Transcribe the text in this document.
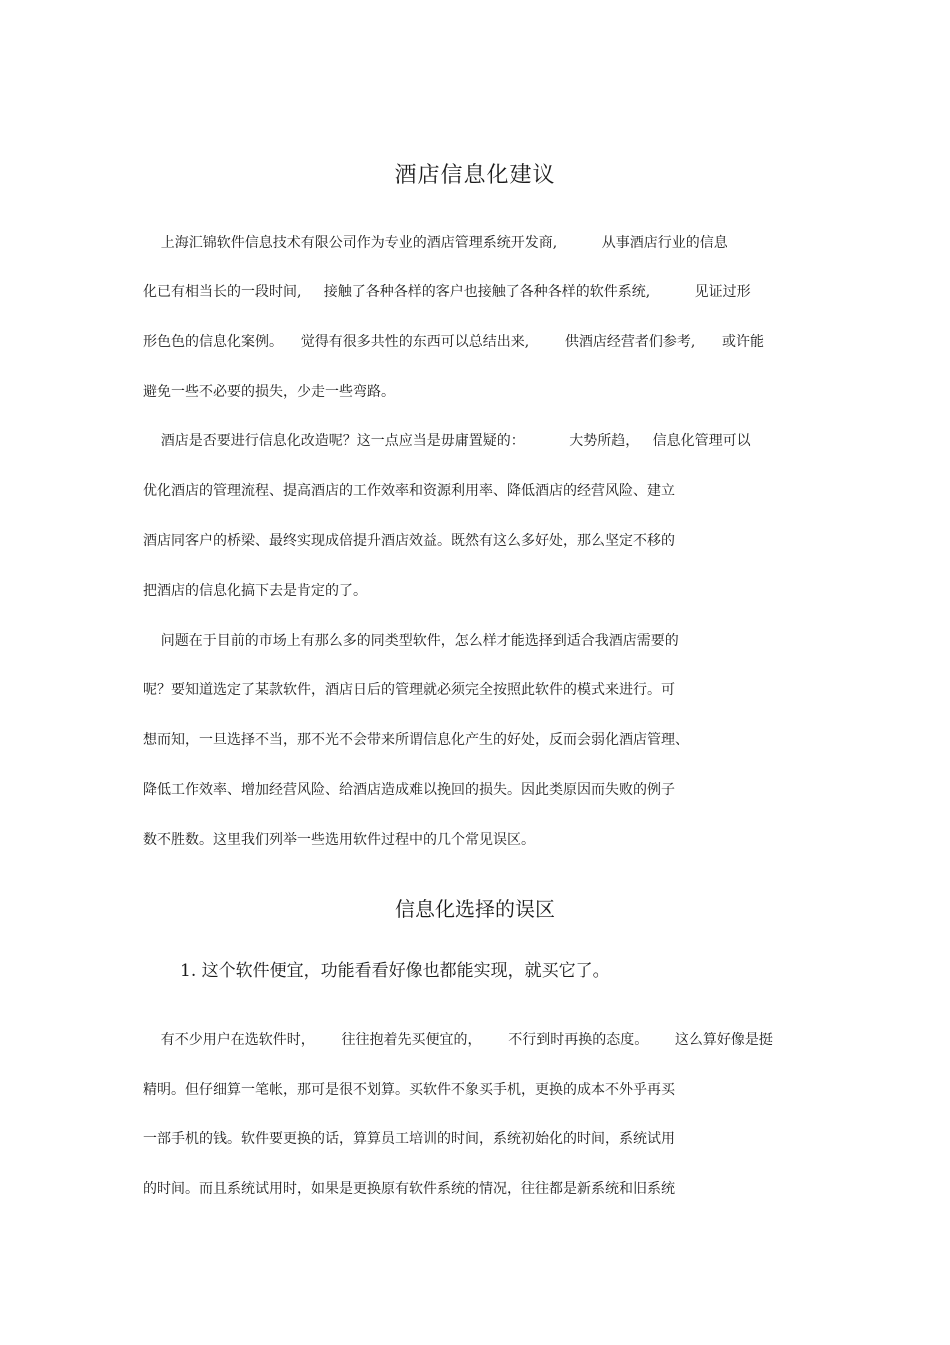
酒店信息化建议
上海汇锦软件信息技术有限公司作为专业的酒店管理系统开发商,          从事酒店行业的信息
化已有相当长的一段时间,     接触了各种各样的客户也接触了各种各样的软件系统,          见证过形
形色色的信息化案例。    觉得有很多共性的东西可以总结出来,        供酒店经营者们参考,      或许能
避免一些不必要的损失，少走一些弯路。
酒店是否要进行信息化改造呢？这一点应当是毋庸置疑的：          大势所趋，   信息化管理可以
优化酒店的管理流程、提高酒店的工作效率和资源利用率、降低酒店的经营风险、建立
酒店同客户的桥梁、最终实现成倍提升酒店效益。既然有这么多好处，那么坚定不移的
把酒店的信息化搞下去是肯定的了。
问题在于目前的市场上有那么多的同类型软件，怎么样才能选择到适合我酒店需要的
呢？要知道选定了某款软件，酒店日后的管理就必须完全按照此软件的模式来进行。可
想而知，一旦选择不当，那不光不会带来所谓信息化产生的好处，反而会弱化酒店管理、
降低工作效率、增加经营风险、给酒店造成难以挽回的损失。因此类原因而失败的例子
数不胜数。这里我们列举一些选用软件过程中的几个常见误区。
信息化选择的误区
1. 这个软件便宜，功能看看好像也都能实现，就买它了。
有不少用户在选软件时，      往往抱着先买便宜的，      不行到时再换的态度。      这么算好像是挺
精明。但仔细算一笔帐，那可是很不划算。买软件不象买手机，更换的成本不外乎再买
一部手机的钱。软件要更换的话，算算员工培训的时间，系统初始化的时间，系统试用
的时间。而且系统试用时，如果是更换原有软件系统的情况，往往都是新系统和旧系统
